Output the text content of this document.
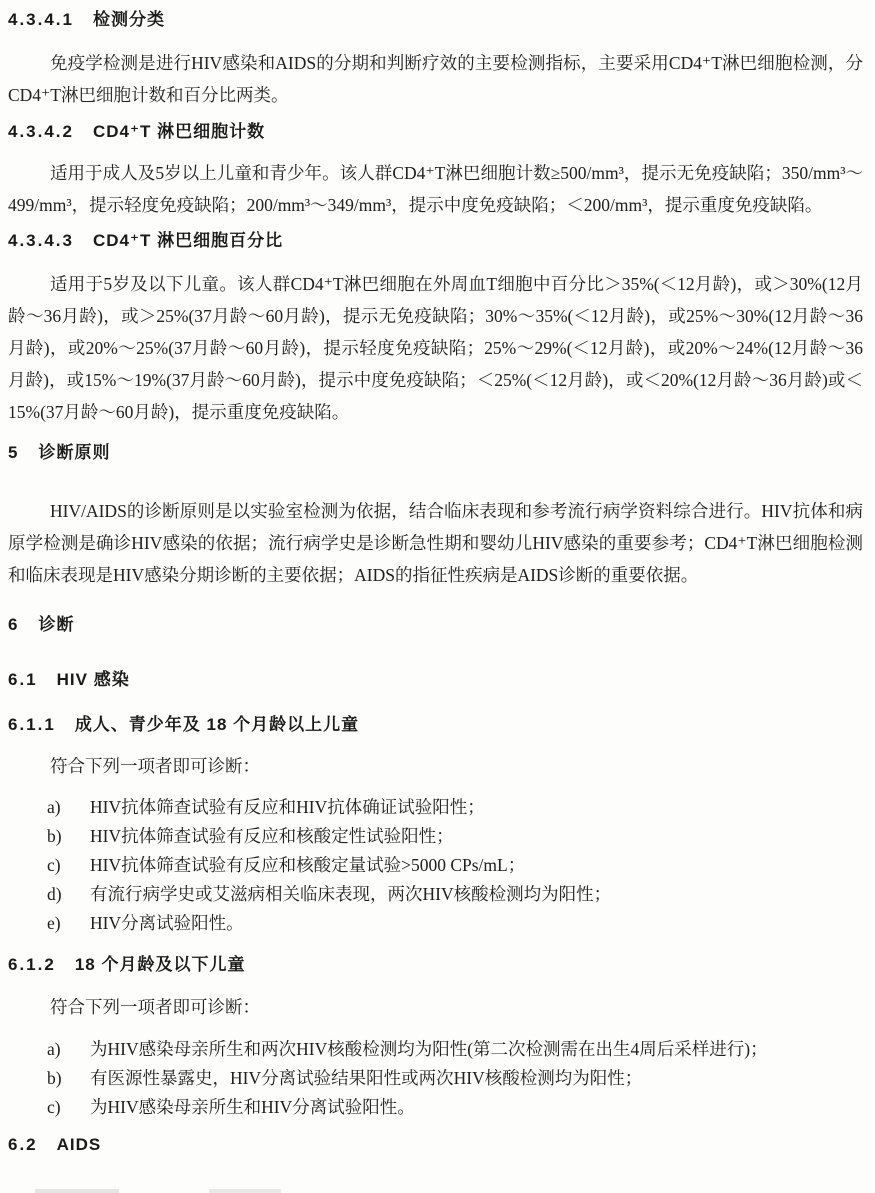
4.3.4.1 检测分类

免疫学检测是进行HIV感染和AIDS的分期和判断疗效的主要检测指标，主要采用CD4⁺T淋巴细胞检测，分CD4⁺T淋巴细胞计数和百分比两类。

4.3.4.2 CD4⁺T 淋巴细胞计数

适用于成人及5岁以上儿童和青少年。该人群CD4⁺T淋巴细胞计数≥500/mm³，提示无免疫缺陷；350/mm³～499/mm³，提示轻度免疫缺陷；200/mm³～349/mm³，提示中度免疫缺陷；＜200/mm³，提示重度免疫缺陷。

4.3.4.3 CD4⁺T 淋巴细胞百分比

适用于5岁及以下儿童。该人群CD4⁺T淋巴细胞在外周血T细胞中百分比＞35%(＜12月龄)，或＞30%(12月龄～36月龄)，或＞25%(37月龄～60月龄)，提示无免疫缺陷；30%～35%(＜12月龄)，或25%～30%(12月龄～36月龄)，或20%～25%(37月龄～60月龄)，提示轻度免疫缺陷；25%～29%(＜12月龄)，或20%～24%(12月龄～36月龄)，或15%～19%(37月龄～60月龄)，提示中度免疫缺陷；＜25%(＜12月龄)，或＜20%(12月龄～36月龄)或＜15%(37月龄～60月龄)，提示重度免疫缺陷。

5 诊断原则

HIV/AIDS的诊断原则是以实验室检测为依据，结合临床表现和参考流行病学资料综合进行。HIV抗体和病原学检测是确诊HIV感染的依据；流行病学史是诊断急性期和婴幼儿HIV感染的重要参考；CD4⁺T淋巴细胞检测和临床表现是HIV感染分期诊断的主要依据；AIDS的指征性疾病是AIDS诊断的重要依据。

6 诊断
6.1 HIV 感染
6.1.1 成人、青少年及 18 个月龄以上儿童

符合下列一项者即可诊断：

a)	HIV抗体筛查试验有反应和HIV抗体确证试验阳性；
b)	HIV抗体筛查试验有反应和核酸定性试验阳性；
c)	HIV抗体筛查试验有反应和核酸定量试验>5000 CPs/mL；
d)	有流行病学史或艾滋病相关临床表现，两次HIV核酸检测均为阳性；
e)	HIV分离试验阳性。
6.1.2 18 个月龄及以下儿童

符合下列一项者即可诊断：

a)	为HIV感染母亲所生和两次HIV核酸检测均为阳性(第二次检测需在出生4周后采样进行)；
b)	有医源性暴露史，HIV分离试验结果阳性或两次HIV核酸检测均为阳性；
c)	为HIV感染母亲所生和HIV分离试验阳性。
6.2 AIDS
